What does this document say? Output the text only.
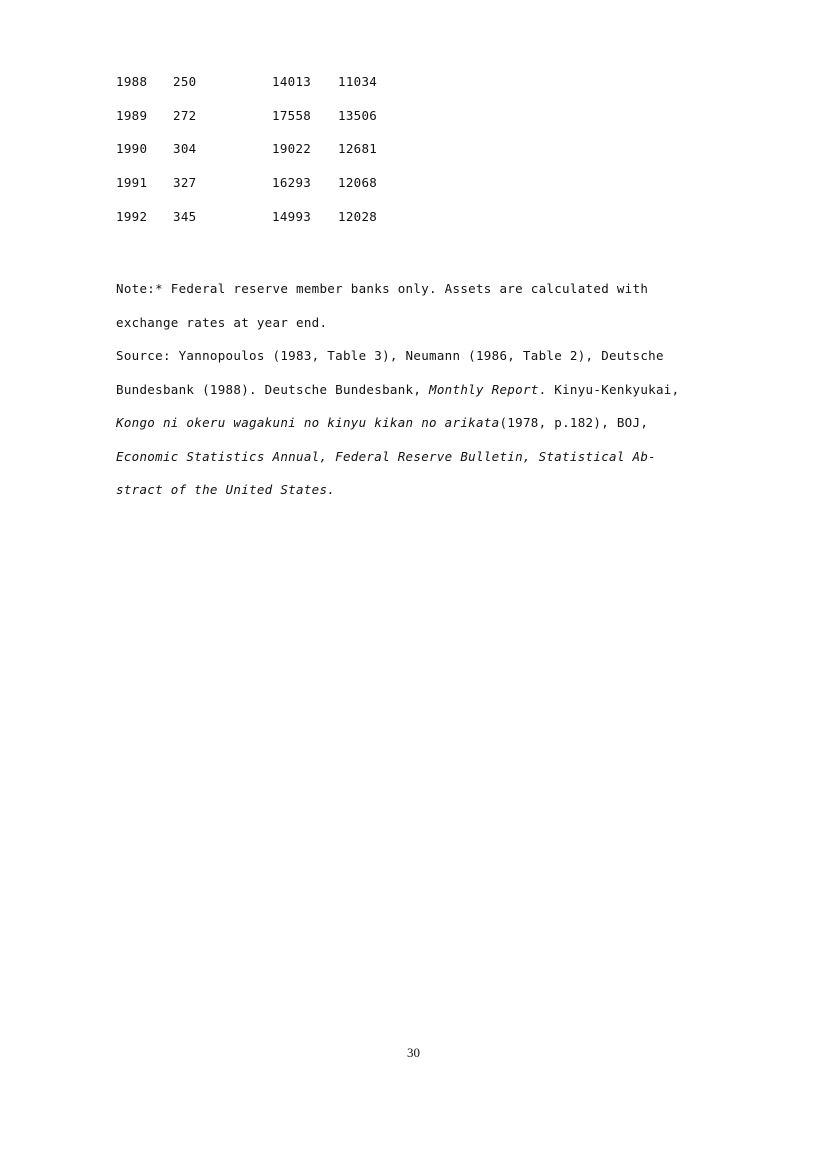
1988 250	14013 11034
1989 272	17558 13506
1990 304	19022 12681
1991 327	16293 12068
1992 345	14993 12028

Note:* Federal reserve member banks only. Assets are calculated with

exchange rates at year end.

Source: Yannopoulos (1983, Table 3), Neumann (1986, Table 2), Deutsche

Bundesbank (1988). Deutsche Bundesbank, Monthly Report. Kinyu-Kenkyukai,

Kongo ni okeru wagakuni no kinyu kikan no arikata(1978, p.182), BOJ,

Economic Statistics Annual, Federal Reserve Bulletin, Statistical Ab-

stract of the United States.

30
